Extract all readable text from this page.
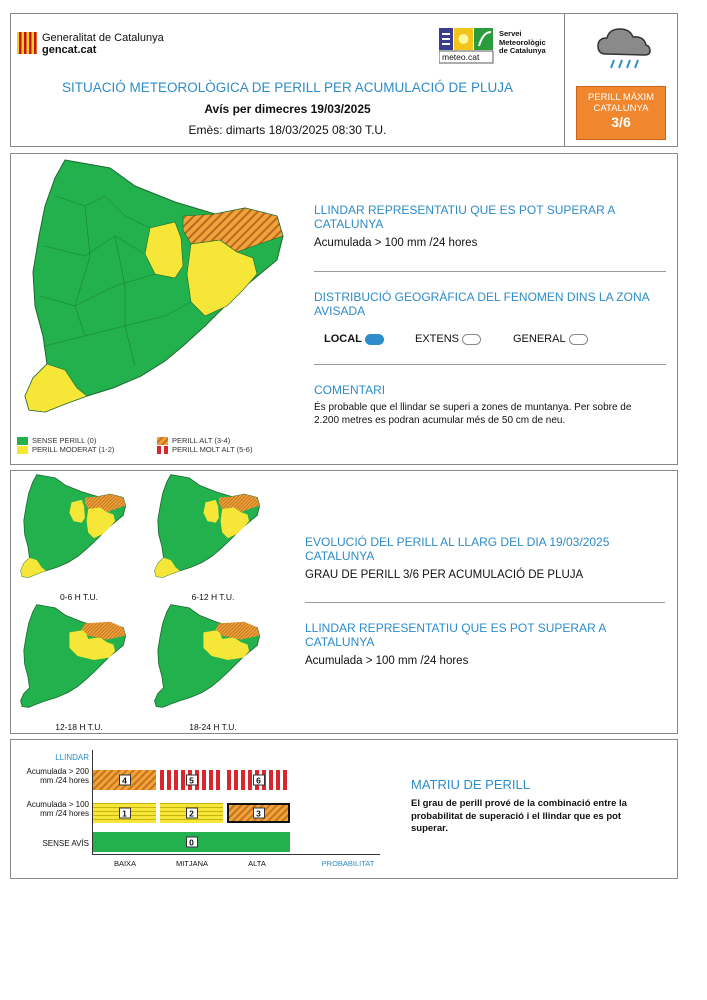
Generalitat de Catalunya
gencat.cat
meteo.cat
Servei
Meteorològic
de Catalunya
SITUACIÓ METEOROLÒGICA DE PERILL PER ACUMULACIÓ DE PLUJA
Avís per dimecres 19/03/2025
Emès: dimarts 18/03/2025 08:30 T.U.
PERILL MÀXIM
CATALUNYA
3/6
SENSE PERILL (0)
PERILL MODERAT (1-2)
PERILL ALT (3-4)
PERILL MOLT ALT (5-6)
LLINDAR REPRESENTATIU QUE ES POT SUPERAR A CATALUNYA
Acumulada > 100 mm /24 hores
DISTRIBUCIÓ GEOGRÀFICA DEL FENOMEN DINS LA ZONA AVISADA
LOCAL	EXTENS	GENERAL
COMENTARI
És probable que el llindar se superi a zones de muntanya. Per sobre de 2.200 metres es podran acumular més de 50 cm de neu.
0-6 H T.U.	6-12 H T.U.
12-18 H T.U.	18-24 H T.U.
EVOLUCIÓ DEL PERILL AL LLARG DEL DIA 19/03/2025 CATALUNYA
GRAU DE PERILL 3/6 PER ACUMULACIÓ DE PLUJA
LLINDAR REPRESENTATIU QUE ES POT SUPERAR A CATALUNYA
Acumulada > 100 mm /24 hores
LLINDAR
Acumulada > 200 mm /24 hores
Acumulada > 100 mm /24 hores
SENSE AVÍS
4	5	6
1	2	3
0
BAIXA	MITJANA	ALTA	PROBABILITAT
MATRIU DE PERILL
El grau de perill prové de la combinació entre la probabilitat de superació i el llindar que es pot superar.
